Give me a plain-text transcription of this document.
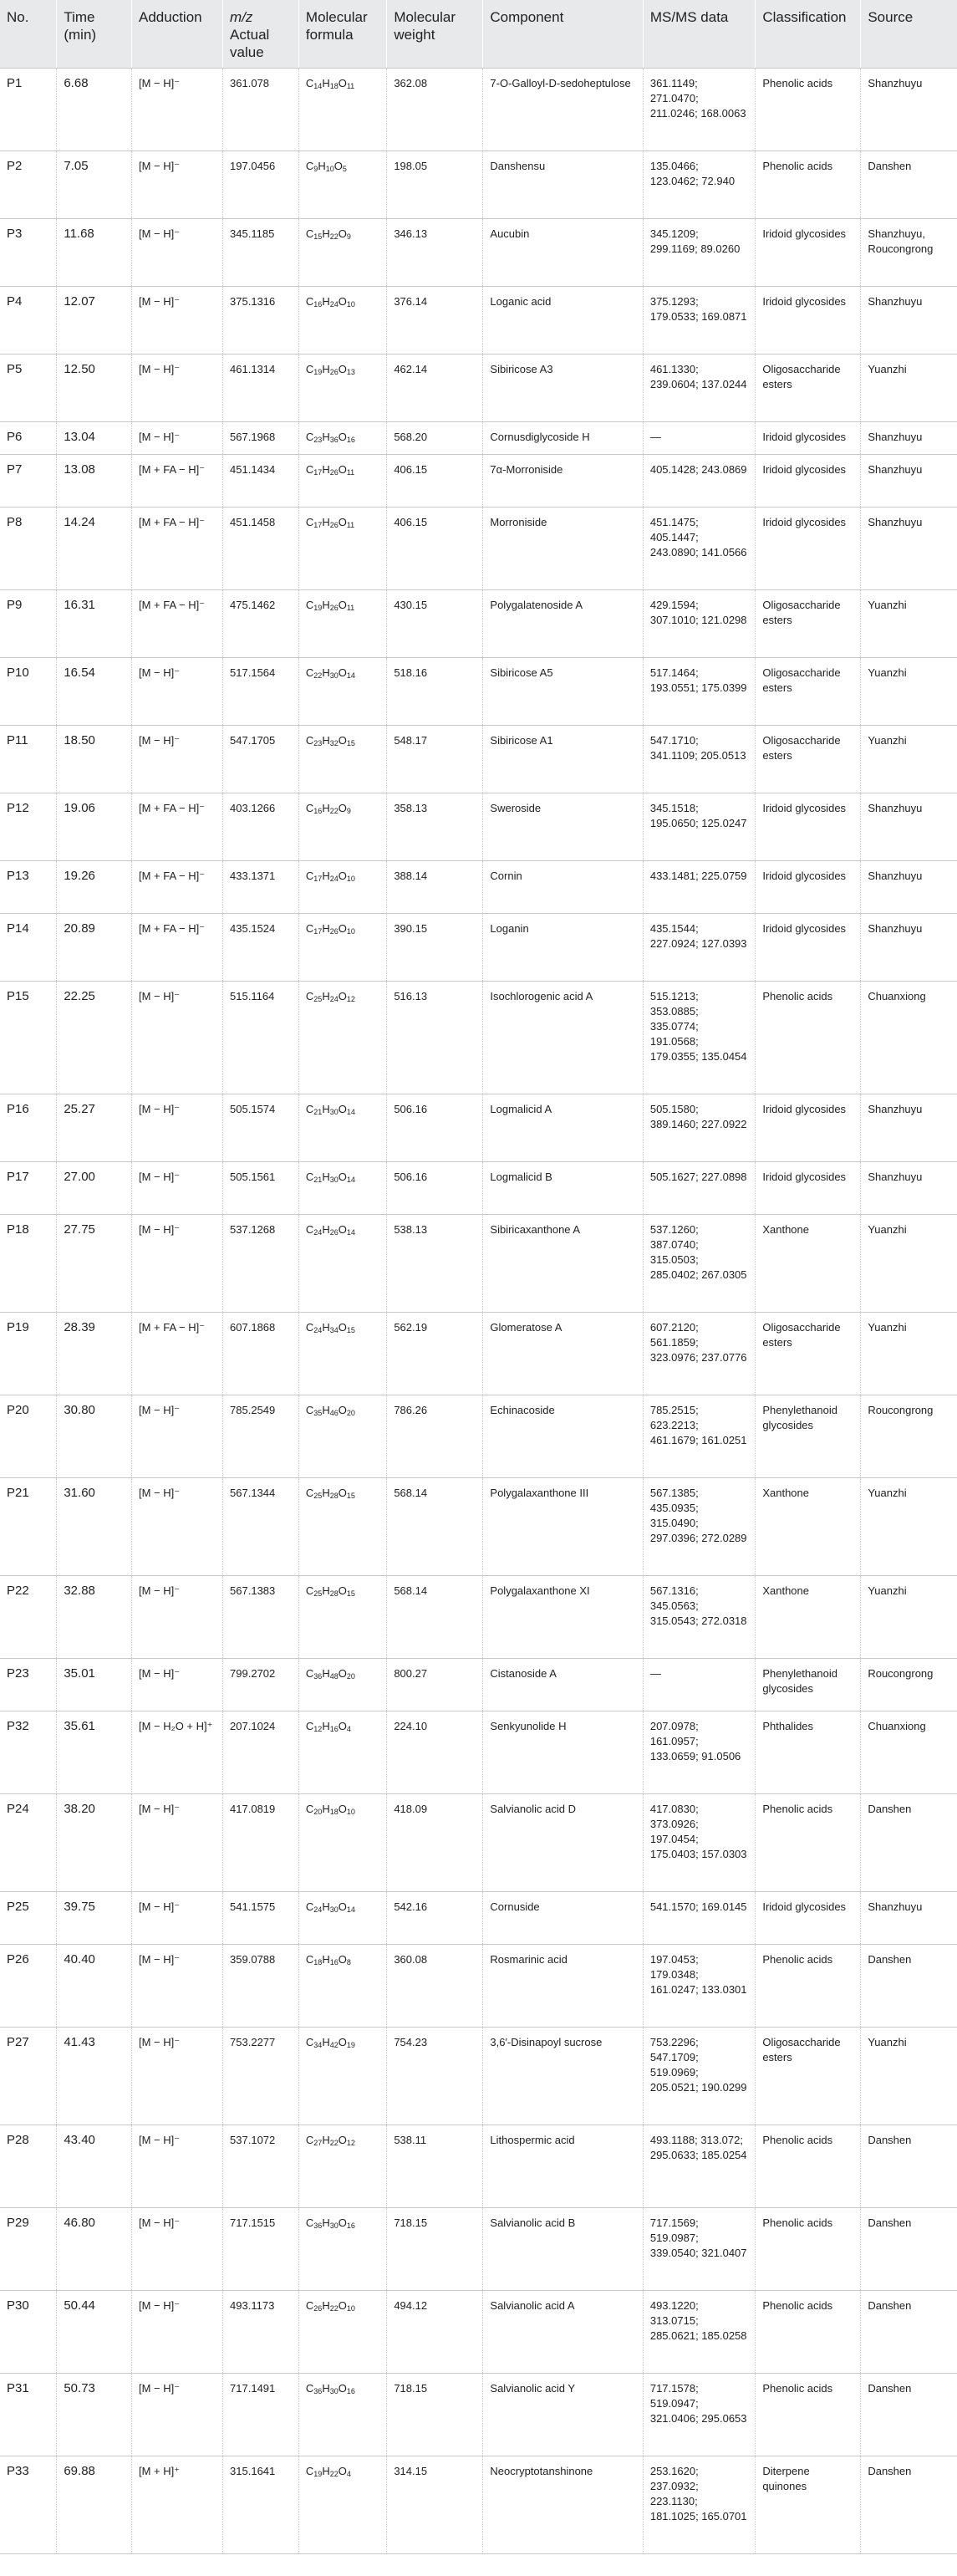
No.	Time (min)	Adduction	m/z Actual value	Molecular formula	Molecular weight	Component	MS/MS data	Classification	Source
P1	6.68	[M − H]⁻	361.078	$C_{14}H_{18}O_{11}$	362.08	7-O-Galloyl-D-sedoheptulose	361.1149; 271.0470; 211.0246; 168.0063	Phenolic acids	Shanzhuyu
P2	7.05	[M − H]⁻	197.0456	$C_9H_{10}O_5$	198.05	Danshensu	135.0466; 123.0462; 72.940	Phenolic acids	Danshen
P3	11.68	[M − H]⁻	345.1185	$C_{15}H_{22}O_9$	346.13	Aucubin	345.1209; 299.1169; 89.0260	Iridoid glycosides	Shanzhuyu, Roucongrong
P4	12.07	[M − H]⁻	375.1316	$C_{16}H_{24}O_{10}$	376.14	Loganic acid	375.1293; 179.0533; 169.0871	Iridoid glycosides	Shanzhuyu
P5	12.50	[M − H]⁻	461.1314	$C_{19}H_{26}O_{13}$	462.14	Sibiricose A3	461.1330; 239.0604; 137.0244	Oligosaccharide esters	Yuanzhi
P6	13.04	[M − H]⁻	567.1968	$C_{23}H_{36}O_{16}$	568.20	Cornusdiglycoside H	—	Iridoid glycosides	Shanzhuyu
P7	13.08	[M + FA − H]⁻	451.1434	$C_{17}H_{26}O_{11}$	406.15	7α-Morroniside	405.1428; 243.0869	Iridoid glycosides	Shanzhuyu
P8	14.24	[M + FA − H]⁻	451.1458	$C_{17}H_{26}O_{11}$	406.15	Morroniside	451.1475; 405.1447; 243.0890; 141.0566	Iridoid glycosides	Shanzhuyu
P9	16.31	[M + FA − H]⁻	475.1462	$C_{19}H_{26}O_{11}$	430.15	Polygalatenoside A	429.1594; 307.1010; 121.0298	Oligosaccharide esters	Yuanzhi
P10	16.54	[M − H]⁻	517.1564	$C_{22}H_{30}O_{14}$	518.16	Sibiricose A5	517.1464; 193.0551; 175.0399	Oligosaccharide esters	Yuanzhi
P11	18.50	[M − H]⁻	547.1705	$C_{23}H_{32}O_{15}$	548.17	Sibiricose A1	547.1710; 341.1109; 205.0513	Oligosaccharide esters	Yuanzhi
P12	19.06	[M + FA − H]⁻	403.1266	$C_{16}H_{22}O_9$	358.13	Sweroside	345.1518; 195.0650; 125.0247	Iridoid glycosides	Shanzhuyu
P13	19.26	[M + FA − H]⁻	433.1371	$C_{17}H_{24}O_{10}$	388.14	Cornin	433.1481; 225.0759	Iridoid glycosides	Shanzhuyu
P14	20.89	[M + FA − H]⁻	435.1524	$C_{17}H_{26}O_{10}$	390.15	Loganin	435.1544; 227.0924; 127.0393	Iridoid glycosides	Shanzhuyu
P15	22.25	[M − H]⁻	515.1164	$C_{25}H_{24}O_{12}$	516.13	Isochlorogenic acid A	515.1213; 353.0885; 335.0774; 191.0568; 179.0355; 135.0454	Phenolic acids	Chuanxiong
P16	25.27	[M − H]⁻	505.1574	$C_{21}H_{30}O_{14}$	506.16	Logmalicid A	505.1580; 389.1460; 227.0922	Iridoid glycosides	Shanzhuyu
P17	27.00	[M − H]⁻	505.1561	$C_{21}H_{30}O_{14}$	506.16	Logmalicid B	505.1627; 227.0898	Iridoid glycosides	Shanzhuyu
P18	27.75	[M − H]⁻	537.1268	$C_{24}H_{26}O_{14}$	538.13	Sibiricaxanthone A	537.1260; 387.0740; 315.0503; 285.0402; 267.0305	Xanthone	Yuanzhi
P19	28.39	[M + FA − H]⁻	607.1868	$C_{24}H_{34}O_{15}$	562.19	Glomeratose A	607.2120; 561.1859; 323.0976; 237.0776	Oligosaccharide esters	Yuanzhi
P20	30.80	[M − H]⁻	785.2549	$C_{35}H_{46}O_{20}$	786.26	Echinacoside	785.2515; 623.2213; 461.1679; 161.0251	Phenylethanoid glycosides	Roucongrong
P21	31.60	[M − H]⁻	567.1344	$C_{25}H_{28}O_{15}$	568.14	Polygalaxanthone III	567.1385; 435.0935; 315.0490; 297.0396; 272.0289	Xanthone	Yuanzhi
P22	32.88	[M − H]⁻	567.1383	$C_{25}H_{28}O_{15}$	568.14	Polygalaxanthone XI	567.1316; 345.0563; 315.0543; 272.0318	Xanthone	Yuanzhi
P23	35.01	[M − H]⁻	799.2702	$C_{36}H_{48}O_{20}$	800.27	Cistanoside A	—	Phenylethanoid glycosides	Roucongrong
P32	35.61	[M − H₂O + H]⁺	207.1024	$C_{12}H_{16}O_4$	224.10	Senkyunolide H	207.0978; 161.0957; 133.0659; 91.0506	Phthalides	Chuanxiong
P24	38.20	[M − H]⁻	417.0819	$C_{20}H_{18}O_{10}$	418.09	Salvianolic acid D	417.0830; 373.0926; 197.0454; 175.0403; 157.0303	Phenolic acids	Danshen
P25	39.75	[M − H]⁻	541.1575	$C_{24}H_{30}O_{14}$	542.16	Cornuside	541.1570; 169.0145	Iridoid glycosides	Shanzhuyu
P26	40.40	[M − H]⁻	359.0788	$C_{18}H_{16}O_8$	360.08	Rosmarinic acid	197.0453; 179.0348; 161.0247; 133.0301	Phenolic acids	Danshen
P27	41.43	[M − H]⁻	753.2277	$C_{34}H_{42}O_{19}$	754.23	3,6′-Disinapoyl sucrose	753.2296; 547.1709; 519.0969; 205.0521; 190.0299	Oligosaccharide esters	Yuanzhi
P28	43.40	[M − H]⁻	537.1072	$C_{27}H_{22}O_{12}$	538.11	Lithospermic acid	493.1188; 313.072; 295.0633; 185.0254	Phenolic acids	Danshen
P29	46.80	[M − H]⁻	717.1515	$C_{36}H_{30}O_{16}$	718.15	Salvianolic acid B	717.1569; 519.0987; 339.0540; 321.0407	Phenolic acids	Danshen
P30	50.44	[M − H]⁻	493.1173	$C_{26}H_{22}O_{10}$	494.12	Salvianolic acid A	493.1220; 313.0715; 285.0621; 185.0258	Phenolic acids	Danshen
P31	50.73	[M − H]⁻	717.1491	$C_{36}H_{30}O_{16}$	718.15	Salvianolic acid Y	717.1578; 519.0947; 321.0406; 295.0653	Phenolic acids	Danshen
P33	69.88	[M + H]⁺	315.1641	$C_{19}H_{22}O_4$	314.15	Neocryptotanshinone	253.1620; 237.0932; 223.1130; 181.1025; 165.0701	Diterpene quinones	Danshen
